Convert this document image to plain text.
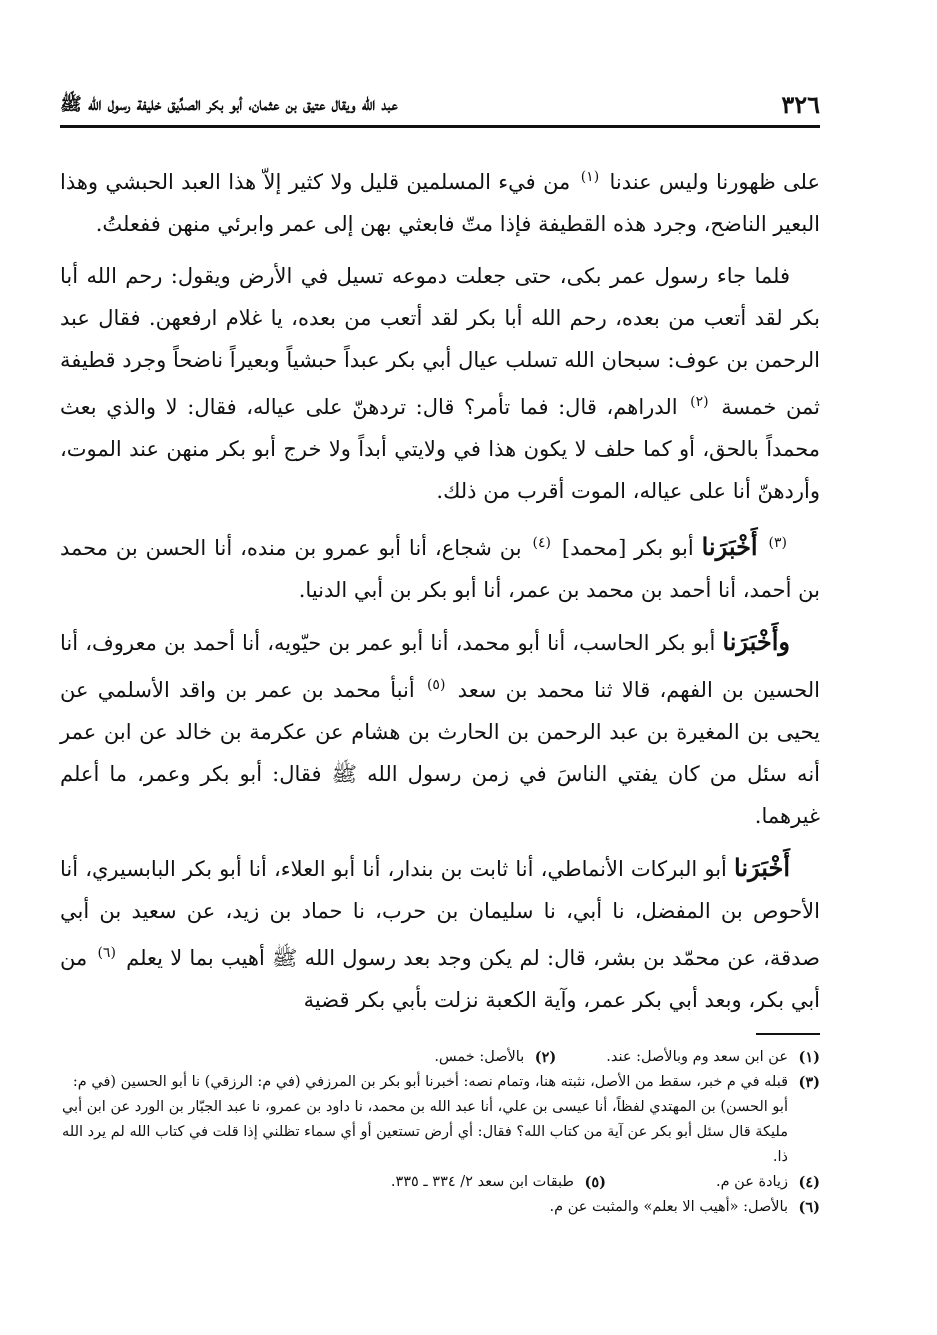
٣٢٦
عبد الله ويقال عتيق بن عثمان، أبو بكر الصدِّيق خليفة رسول الله ﷺ

على ظهورنا وليس عندنا $^{(١)}$ من فيء المسلمين قليل ولا كثير إلاّ هذا العبد الحبشي وهذا البعير الناضح، وجرد هذه القطيفة فإذا متّ فابعثي بهن إلى عمر وابرئي منهن ففعلتُ.

فلما جاء رسول عمر بكى، حتى جعلت دموعه تسيل في الأرض ويقول: رحم الله أبا بكر لقد أتعب من بعده، رحم الله أبا بكر لقد أتعب من بعده، يا غلام ارفعهن. فقال عبد الرحمن بن عوف: سبحان الله تسلب عيال أبي بكر عبداً حبشياً وبعيراً ناضحاً وجرد قطيفة ثمن خمسة $^{(٢)}$ الدراهم، قال: فما تأمر؟ قال: تردهنّ على عياله، فقال: لا والذي بعث محمداً بالحق، أو كما حلف لا يكون هذا في ولايتي أبداً ولا خرج أبو بكر منهن عند الموت، وأردهنّ أنا على عياله، الموت أقرب من ذلك.

$^{(٣)}$ أَخْبَرَنا أبو بكر [محمد] $^{(٤)}$ بن شجاع، أنا أبو عمرو بن منده، أنا الحسن بن محمد بن أحمد، أنا أحمد بن محمد بن عمر، أنا أبو بكر بن أبي الدنيا.

وأَخْبَرَنا أبو بكر الحاسب، أنا أبو محمد، أنا أبو عمر بن حيّويه، أنا أحمد بن معروف، أنا الحسين بن الفهم، قالا ثنا محمد بن سعد $^{(٥)}$ أنبأ محمد بن عمر بن واقد الأسلمي عن يحيى بن المغيرة بن عبد الرحمن بن الحارث بن هشام عن عكرمة بن خالد عن ابن عمر أنه سئل من كان يفتي الناسَ في زمن رسول الله ﷺ فقال: أبو بكر وعمر، ما أعلم غيرهما.

أَخْبَرَنا أبو البركات الأنماطي، أنا ثابت بن بندار، أنا أبو العلاء، أنا أبو بكر البابسيري، أنا الأحوص بن المفضل، نا أبي، نا سليمان بن حرب، نا حماد بن زيد، عن سعيد بن أبي صدقة، عن محمّد بن بشر، قال: لم يكن وجد بعد رسول الله ﷺ أهيب بما لا يعلم $^{(٦)}$ من أبي بكر، وبعد أبي بكر عمر، وآية الكعبة نزلت بأبي بكر قضية

(١)
عن ابن سعد وم وبالأصل: عند.
(٢)
بالأصل: خمس.
(٣)
قبله في م خبر، سقط من الأصل، نثبته هنا، وتمام نصه: أخبرنا أبو بكر بن المرزفي (في م: الرزقي) نا أبو الحسين (في م: أبو الحسن) بن المهتدي لفظاً، أنا عيسى بن علي، أنا عبد الله بن محمد، نا داود بن عمرو، نا عبد الجبّار بن الورد عن ابن أبي مليكة قال سئل أبو بكر عن آية من كتاب الله؟ فقال: أي أرض تستعين أو أي سماء تظلني إذا قلت في كتاب الله لم يرد الله ذا.
(٤)
زيادة عن م.
(٥)
طبقات ابن سعد ٢/ ٣٣٤ ـ ٣٣٥.
(٦)
بالأصل: «أهيب الا بعلم» والمثبت عن م.
